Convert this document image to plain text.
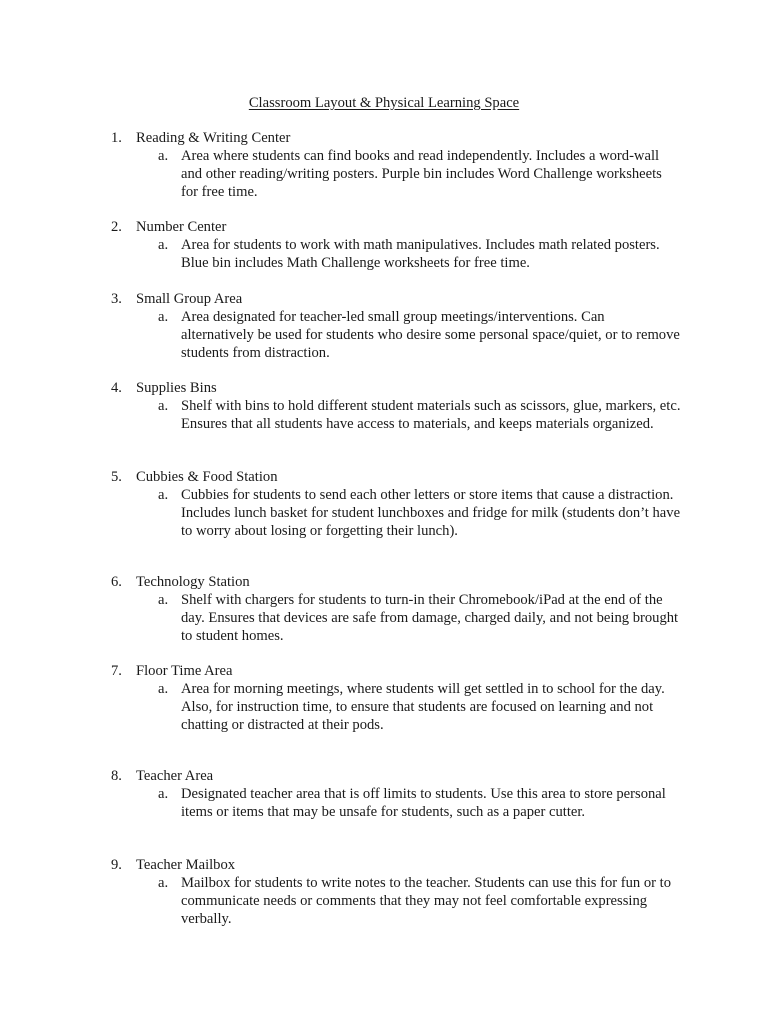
Classroom Layout & Physical Learning Space
1. Reading & Writing Center
a. Area where students can find books and read independently. Includes a word-wall and other reading/writing posters. Purple bin includes Word Challenge worksheets for free time.
2. Number Center
a. Area for students to work with math manipulatives. Includes math related posters. Blue bin includes Math Challenge worksheets for free time.
3. Small Group Area
a. Area designated for teacher-led small group meetings/interventions. Can alternatively be used for students who desire some personal space/quiet, or to remove students from distraction.
4. Supplies Bins
a. Shelf with bins to hold different student materials such as scissors, glue, markers, etc. Ensures that all students have access to materials, and keeps materials organized.
5. Cubbies & Food Station
a. Cubbies for students to send each other letters or store items that cause a distraction. Includes lunch basket for student lunchboxes and fridge for milk (students don’t have to worry about losing or forgetting their lunch).
6. Technology Station
a. Shelf with chargers for students to turn-in their Chromebook/iPad at the end of the day. Ensures that devices are safe from damage, charged daily, and not being brought to student homes.
7. Floor Time Area
a. Area for morning meetings, where students will get settled in to school for the day. Also, for instruction time, to ensure that students are focused on learning and not chatting or distracted at their pods.
8. Teacher Area
a. Designated teacher area that is off limits to students. Use this area to store personal items or items that may be unsafe for students, such as a paper cutter.
9. Teacher Mailbox
a. Mailbox for students to write notes to the teacher. Students can use this for fun or to communicate needs or comments that they may not feel comfortable expressing verbally.
